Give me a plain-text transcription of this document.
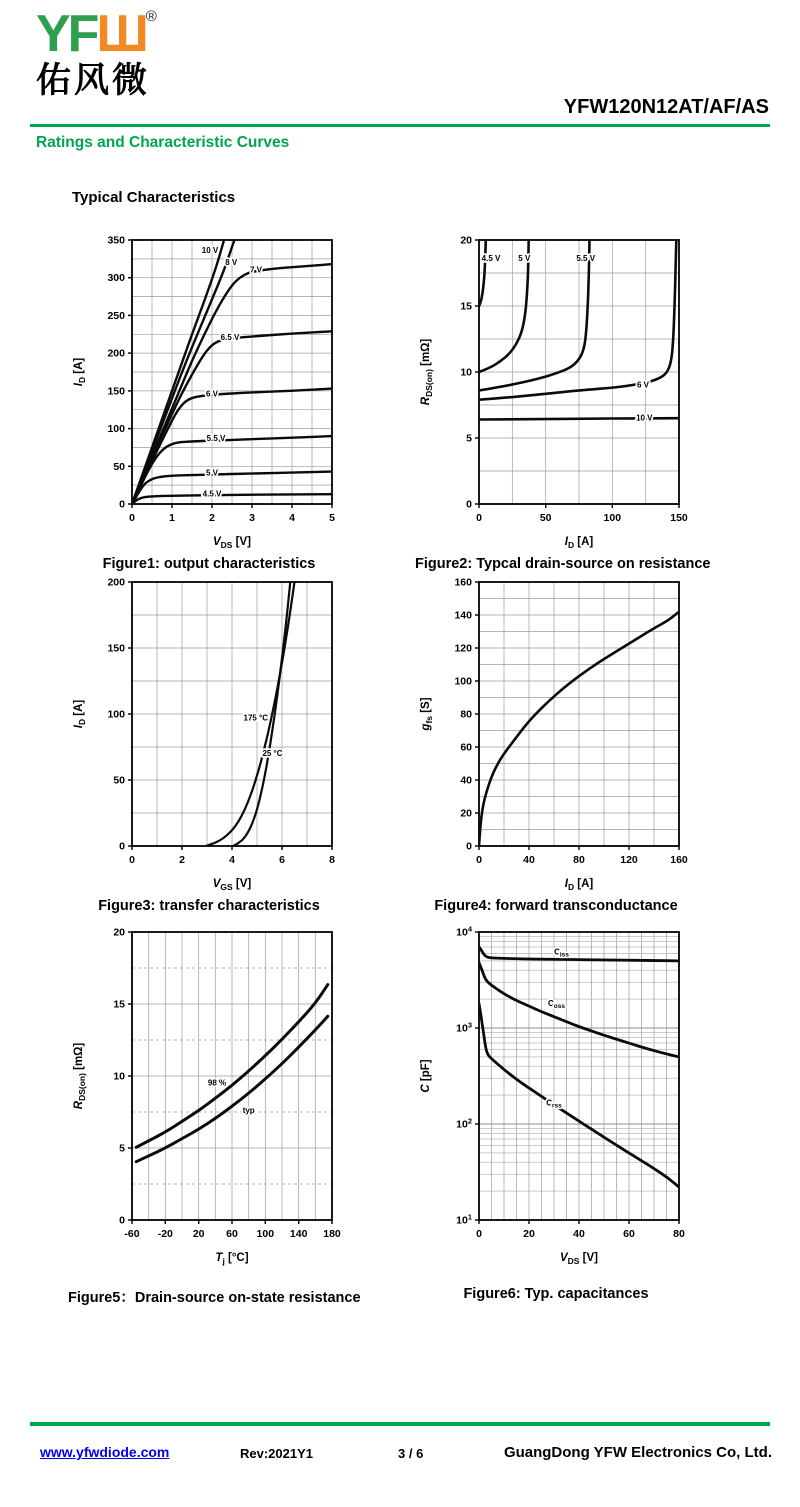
YFШ®
佑风微
YFW120N12AT/AF/AS
Ratings and Characteristic Curves
Typical Characteristics
0	1	2	3	4	5
0
50
100
150
200
250
300
350
$V_{DS}$ [V]
$I_D$ [A]
10 V
8 V
7 V
6.5 V
6 V
5.5 V
5 V
4.5 V
Figure1: output characteristics
0	50	100	150
0
5
10
15
20
$I_D$ [A]
$R_{DS(on)}$ [mΩ]
4.5 V 5 V	5.5 V
6 V
10 V
Figure2: Typcal drain-source on resistance
0	2	4	6	8
0
50
100
150
200
$V_{GS}$ [V]
$I_D$ [A]	175 °C
25 °C
Figure3: transfer characteristics
0	40	80	120	160
0
20
40
60
80
100
120
140
160
$I_D$ [A]
$g_{fs}$ [S]
Figure4: forward transconductance
-60 -20 20 60 100 140 180
0
5
10
15
20
$T_j$ [°C]
$R_{DS(on)}$ [mΩ]
98 %
typ
Figure5：Drain-source on-state resistance
0	20	40	60	80
$10^1$
$10^2$
$10^3$
$10^4$
$V_{DS}$ [V]
C [pF]
$C_{iss}$
$C_{oss}$
$C_{rss}$
Figure6: Typ. capacitances
www.yfwdiode.com	Rev:2021Y1	3 / 6	GuangDong YFW Electronics Co, Ltd.
